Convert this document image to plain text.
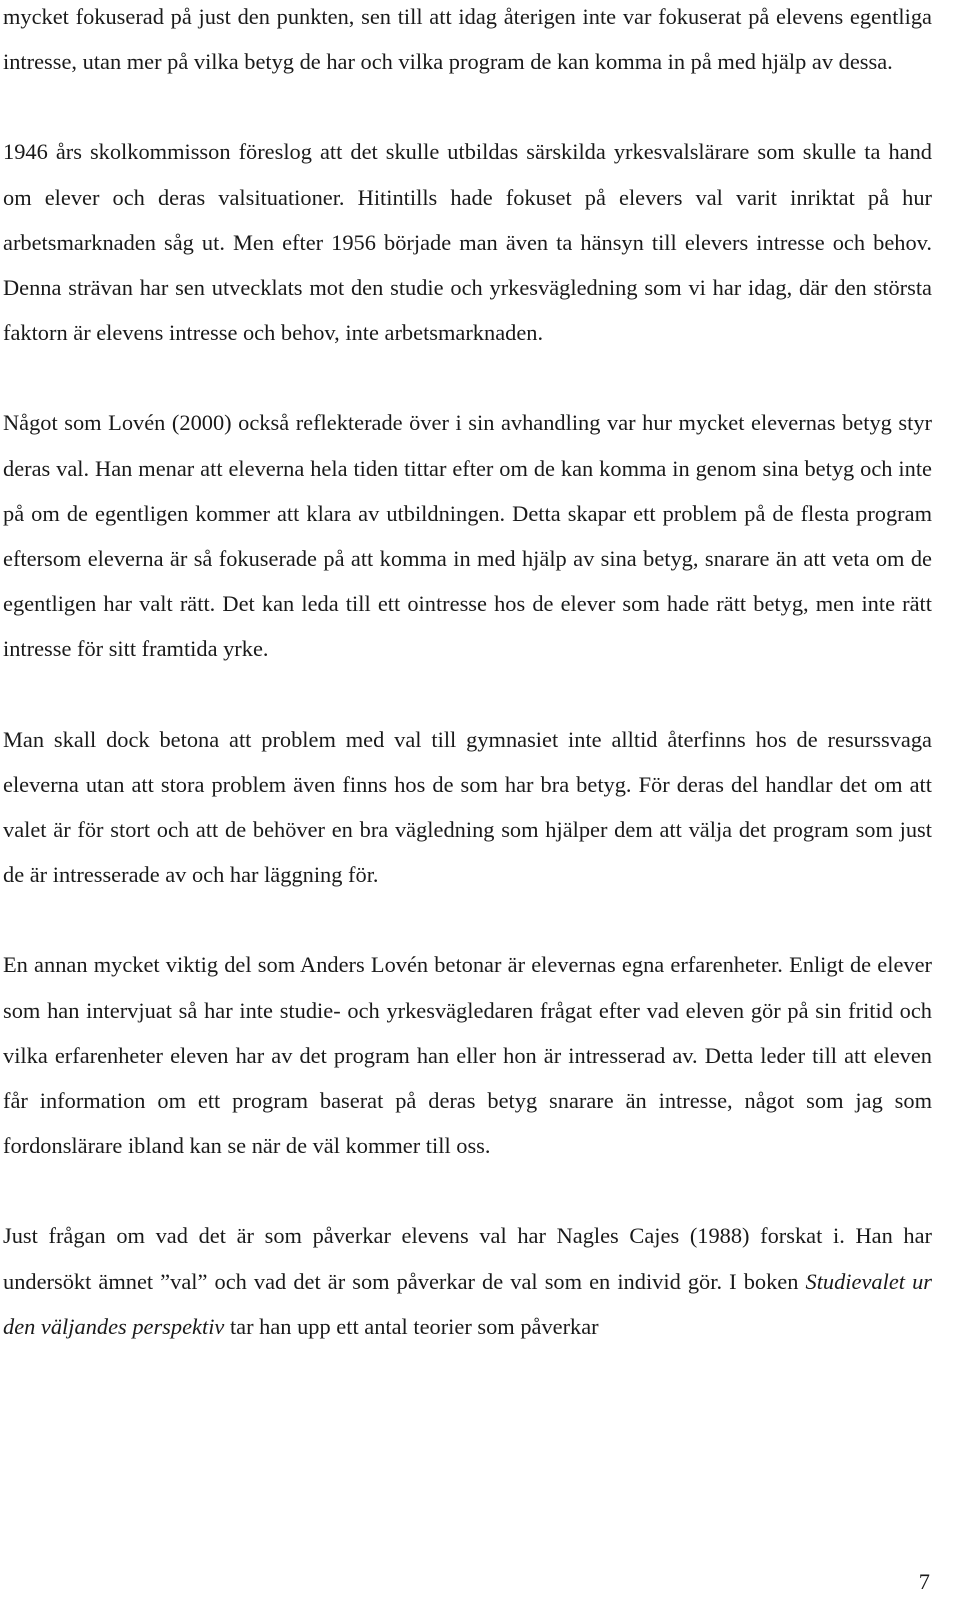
mycket fokuserad på just den punkten, sen till att idag återigen inte var fokuserat på elevens egentliga intresse, utan mer på vilka betyg de har och vilka program de kan komma in på med hjälp av dessa.

1946 års skolkommisson föreslog att det skulle utbildas särskilda yrkesvalslärare som skulle ta hand om elever och deras valsituationer. Hitintills hade fokuset på elevers val varit inriktat på hur arbetsmarknaden såg ut. Men efter 1956 började man även ta hänsyn till elevers intresse och behov. Denna strävan har sen utvecklats mot den studie och yrkesvägledning som vi har idag, där den största faktorn är elevens intresse och behov, inte arbetsmarknaden.

Något som Lovén (2000) också reflekterade över i sin avhandling var hur mycket elevernas betyg styr deras val. Han menar att eleverna hela tiden tittar efter om de kan komma in genom sina betyg och inte på om de egentligen kommer att klara av utbildningen. Detta skapar ett problem på de flesta program eftersom eleverna är så fokuserade på att komma in med hjälp av sina betyg, snarare än att veta om de egentligen har valt rätt. Det kan leda till ett ointresse hos de elever som hade rätt betyg, men inte rätt intresse för sitt framtida yrke.

Man skall dock betona att problem med val till gymnasiet inte alltid återfinns hos de resurssvaga eleverna utan att stora problem även finns hos de som har bra betyg. För deras del handlar det om att valet är för stort och att de behöver en bra vägledning som hjälper dem att välja det program som just de är intresserade av och har läggning för.

En annan mycket viktig del som Anders Lovén betonar är elevernas egna erfarenheter. Enligt de elever som han intervjuat så har inte studie- och yrkesvägledaren frågat efter vad eleven gör på sin fritid och vilka erfarenheter eleven har av det program han eller hon är intresserad av. Detta leder till att eleven får information om ett program baserat på deras betyg snarare än intresse, något som jag som fordonslärare ibland kan se när de väl kommer till oss.

Just frågan om vad det är som påverkar elevens val har Nagles Cajes (1988) forskat i. Han har undersökt ämnet ”val” och vad det är som påverkar de val som en individ gör. I boken Studievalet ur den väljandes perspektiv tar han upp ett antal teorier som påverkar

7
